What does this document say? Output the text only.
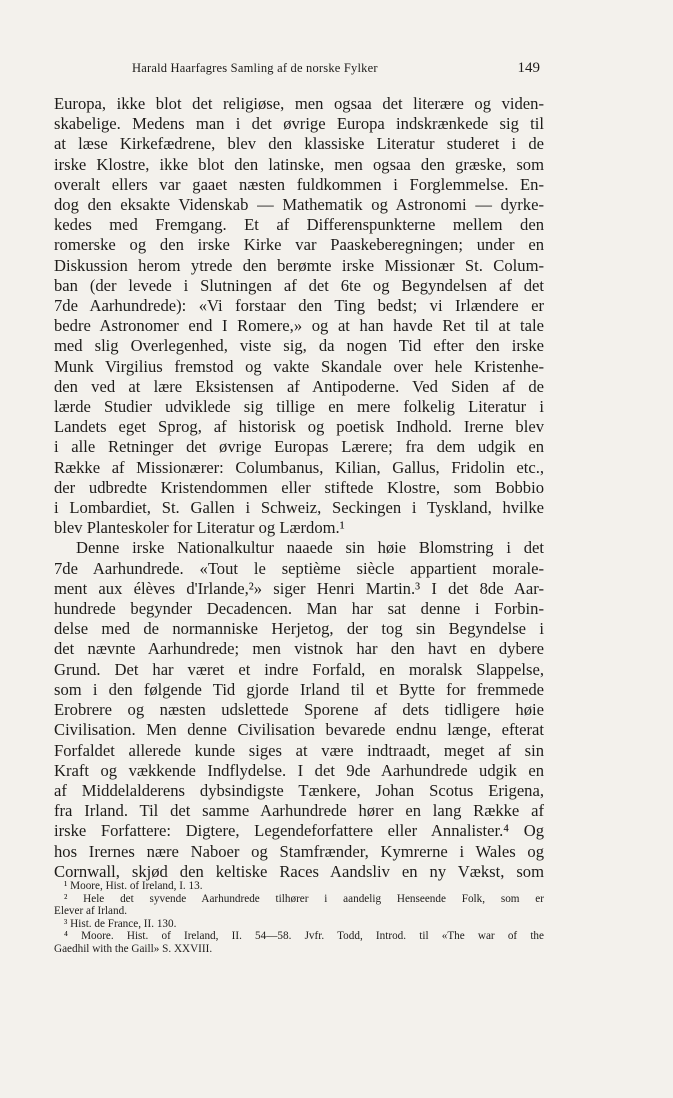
Harald Haarfagres Samling af de norske Fylker	149
Europa, ikke blot det religiøse, men ogsaa det literære og viden-
skabelige. Medens man i det øvrige Europa indskrænkede sig til
at læse Kirkefædrene, blev den klassiske Literatur studeret i de
irske Klostre, ikke blot den latinske, men ogsaa den græske, som
overalt ellers var gaaet næsten fuldkommen i Forglemmelse. En-
dog den eksakte Videnskab — Mathematik og Astronomi — dyrke-
kedes med Fremgang. Et af Differenspunkterne mellem den
romerske og den irske Kirke var Paaskeberegningen; under en
Diskussion herom ytrede den berømte irske Missionær St. Colum-
ban (der levede i Slutningen af det 6te og Begyndelsen af det
7de Aarhundrede): «Vi forstaar den Ting bedst; vi Irlændere er
bedre Astronomer end I Romere,» og at han havde Ret til at tale
med slig Overlegenhed, viste sig, da nogen Tid efter den irske
Munk Virgilius fremstod og vakte Skandale over hele Kristenhe-
den ved at lære Eksistensen af Antipoderne. Ved Siden af de
lærde Studier udviklede sig tillige en mere folkelig Literatur i
Landets eget Sprog, af historisk og poetisk Indhold. Irerne blev
i alle Retninger det øvrige Europas Lærere; fra dem udgik en
Række af Missionærer: Columbanus, Kilian, Gallus, Fridolin etc.,
der udbredte Kristendommen eller stiftede Klostre, som Bobbio
i Lombardiet, St. Gallen i Schweiz, Seckingen i Tyskland, hvilke
blev Planteskoler for Literatur og Lærdom.¹
Denne irske Nationalkultur naaede sin høie Blomstring i det
7de Aarhundrede. «Tout le septième siècle appartient morale-
ment aux élèves d'Irlande,²» siger Henri Martin.³ I det 8de Aar-
hundrede begynder Decadencen. Man har sat denne i Forbin-
delse med de normanniske Herjetog, der tog sin Begyndelse i
det nævnte Aarhundrede; men vistnok har den havt en dybere
Grund. Det har været et indre Forfald, en moralsk Slappelse,
som i den følgende Tid gjorde Irland til et Bytte for fremmede
Erobrere og næsten udslettede Sporene af dets tidligere høie
Civilisation. Men denne Civilisation bevarede endnu længe, efterat
Forfaldet allerede kunde siges at være indtraadt, meget af sin
Kraft og vækkende Indflydelse. I det 9de Aarhundrede udgik en
af Middelalderens dybsindigste Tænkere, Johan Scotus Erigena,
fra Irland. Til det samme Aarhundrede hører en lang Række af
irske Forfattere: Digtere, Legendeforfattere eller Annalister.⁴ Og
hos Irernes nære Naboer og Stamfrænder, Kymrerne i Wales og
Cornwall, skjød den keltiske Races Aandsliv en ny Vækst, som
¹ Moore, Hist. of Ireland, I. 13.
² Hele det syvende Aarhundrede tilhører i aandelig Henseende Folk, som er
Elever af Irland.
³ Hist. de France, II. 130.
⁴ Moore. Hist. of Ireland, II. 54—58. Jvfr. Todd, Introd. til «The war of the
Gaedhil with the Gaill» S. XXVIII.
